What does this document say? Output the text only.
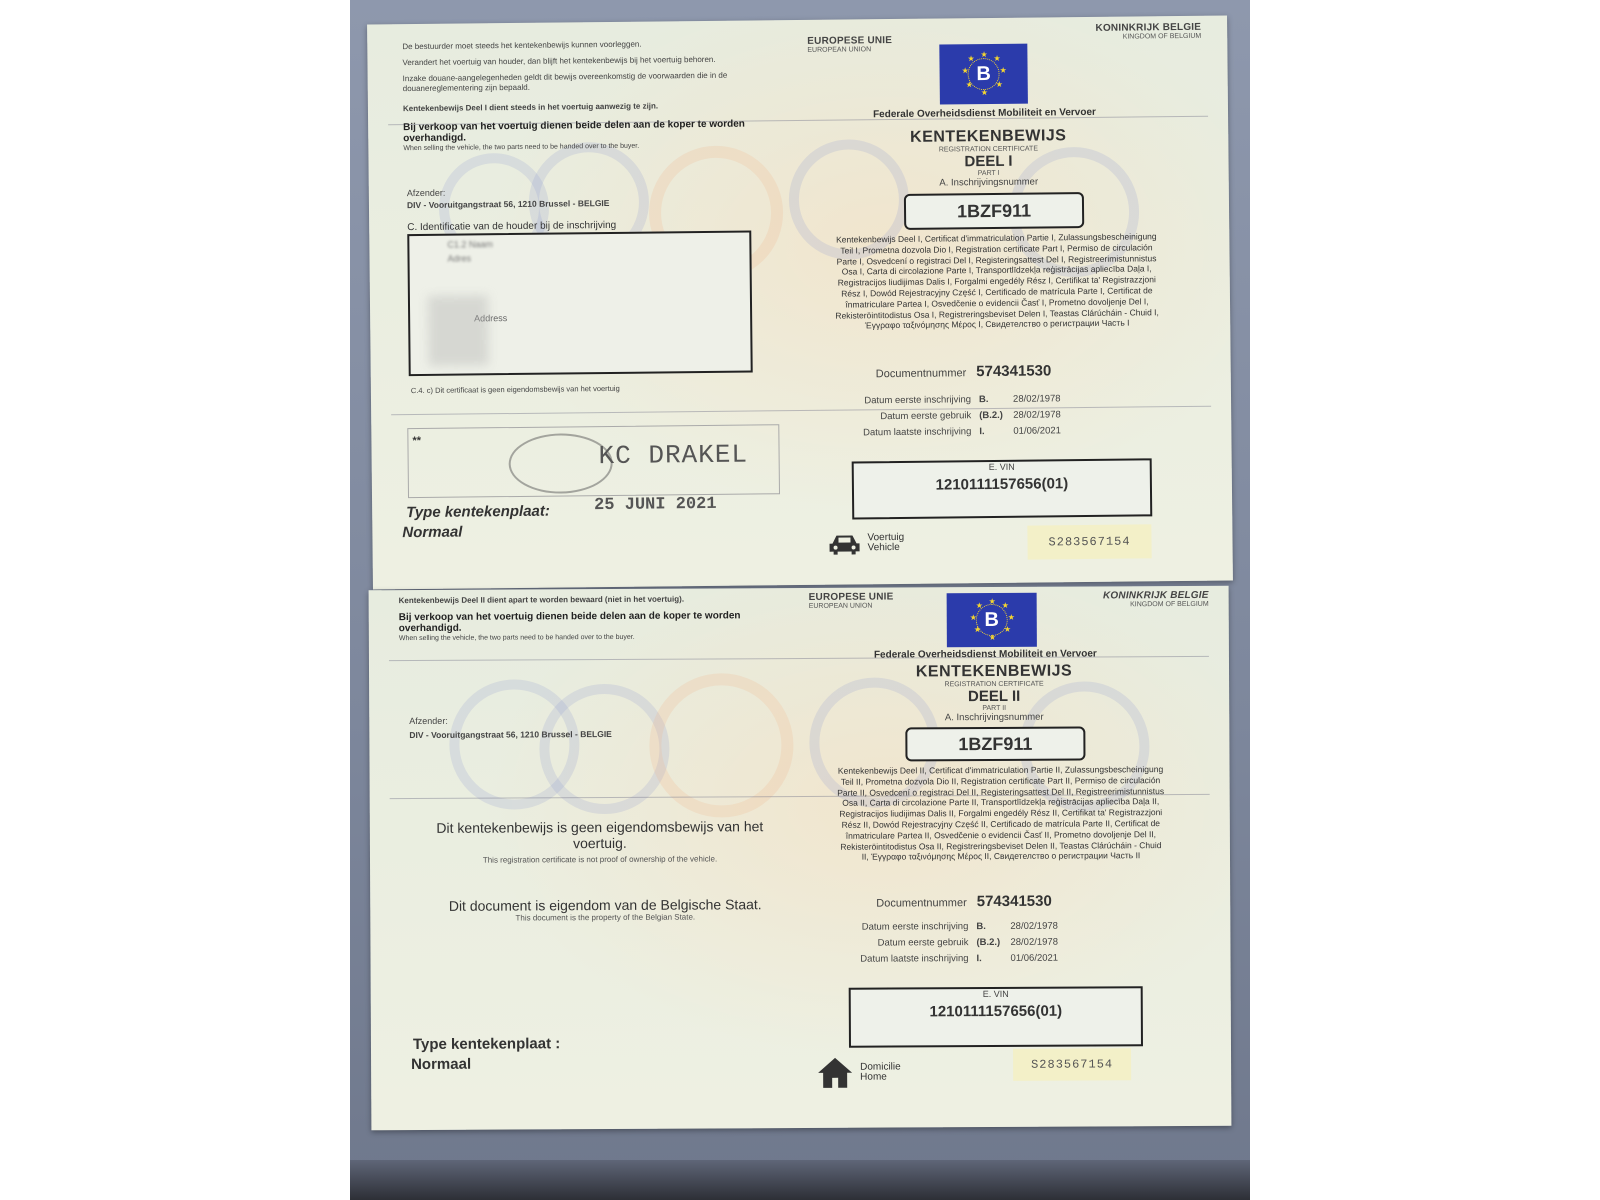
De bestuurder moet steeds het kentekenbewijs kunnen voorleggen.
Verandert het voertuig van houder, dan blijft het kentekenbewijs bij het voertuig behoren.
Inzake douane-aangelegenheden geldt dit bewijs overeenkomstig de voorwaarden die in de douanereglementering zijn bepaald.
Kentekenbewijs Deel I dient steeds in het voertuig aanwezig te zijn.
Bij verkoop van het voertuig dienen beide delen aan de koper te worden overhandigd.
When selling the vehicle, the two parts need to be handed over to the buyer.
Afzender:
DIV - Vooruitgangstraat 56, 1210 Brussel - BELGIE
C. Identificatie van de houder bij de inschrijving
C1.2 Naam
Adres
Address
C.4. c) Dit certificaat is geen eigendomsbewijs van het voertuig
**	KC DRAKEL
25 JUNI 2021
Type kentekenplaat:
Normaal
EUROPESE UNIE
EUROPEAN UNION
KONINKRIJK BELGIE
KINGDOM OF BELGIUM
★ ★
★
★
★
★
★
★
B
Federale Overheidsdienst Mobiliteit en Vervoer
KENTEKENBEWIJS
REGISTRATION CERTIFICATE
DEEL I
PART I
A. Inschrijvingsnummer
1BZF911
Kentekenbewijs Deel I, Certificat d'immatriculation Partie I, Zulassungsbescheinigung Teil I, Prometna dozvola Dio I, Registration certificate Part I, Permiso de circulación Parte I, Osvedcení o registraci Del I, Registeringsattest Del I, Registreerimistunnistus Osa I, Carta di circolazione Parte I, Transportlīdzekļa reģistrācijas apliecība Daļa I, Registracijos liudijimas Dalis I, Forgalmi engedély Rész I, Certifikat ta' Registrazzjoni Rész I, Dowód Rejestracyjny Część I, Certificado de matrícula Parte I, Certificat de înmatriculare Partea I, Osvedčenie o evidencii Časť I, Prometno dovoljenje Del I, Rekisteröintitodistus Osa I, Registreringsbeviset Delen I, Teastas Clárúcháin - Chuid I, Έγγραφο ταξινόμησης Μέρος I, Свидетелство о регистрации Часть I
Documentnummer 574341530
Datum eerste inschrijving B.	28/02/1978
Datum eerste gebruik (B.2.)	28/02/1978
Datum laatste inschrijving I.	01/06/2021
E. VIN
1210111157656(01)
Voertuig
Vehicle	S283567154
Kentekenbewijs Deel II dient apart te worden bewaard (niet in het voertuig).
Bij verkoop van het voertuig dienen beide delen aan de koper te worden overhandigd.
When selling the vehicle, the two parts need to be handed over to the buyer.
Afzender:
DIV - Vooruitgangstraat 56, 1210 Brussel - BELGIE
Dit kentekenbewijs is geen eigendomsbewijs van het voertuig.
This registration certificate is not proof of ownership of the vehicle.
Dit document is eigendom van de Belgische Staat.
This document is the property of the Belgian State.
Type kentekenplaat :
Normaal
EUROPESE UNIE
EUROPEAN UNION
KONINKRIJK BELGIE
KINGDOM OF BELGIUM
★ ★
★
★
★
★
★
★
B
Federale Overheidsdienst Mobiliteit en Vervoer
KENTEKENBEWIJS
REGISTRATION CERTIFICATE
DEEL II
PART II
A. Inschrijvingsnummer
1BZF911
Kentekenbewijs Deel II, Certificat d'immatriculation Partie II, Zulassungsbescheinigung Teil II, Prometna dozvola Dio II, Registration certificate Part II, Permiso de circulación Parte II, Osvedcení o registraci Del II, Registeringsattest Del II, Registreerimistunnistus Osa II, Carta di circolazione Parte II, Transportlīdzekļa reģistrācijas apliecība Daļa II, Registracijos liudijimas Dalis II, Forgalmi engedély Rész II, Certifikat ta' Registrazzjoni Rész II, Dowód Rejestracyjny Część II, Certificado de matrícula Parte II, Certificat de înmatriculare Partea II, Osvedčenie o evidencii Časť II, Prometno dovoljenje Del II, Rekisteröintitodistus Osa II, Registreringsbeviset Delen II, Teastas Clárúcháin - Chuid II, Έγγραφο ταξινόμησης Μέρος II, Свидетелство о регистрации Часть II
Documentnummer 574341530
Datum eerste inschrijving B.	28/02/1978
Datum eerste gebruik (B.2.)	28/02/1978
Datum laatste inschrijving I.	01/06/2021
E. VIN
1210111157656(01)
Domicilie
Home
S283567154
